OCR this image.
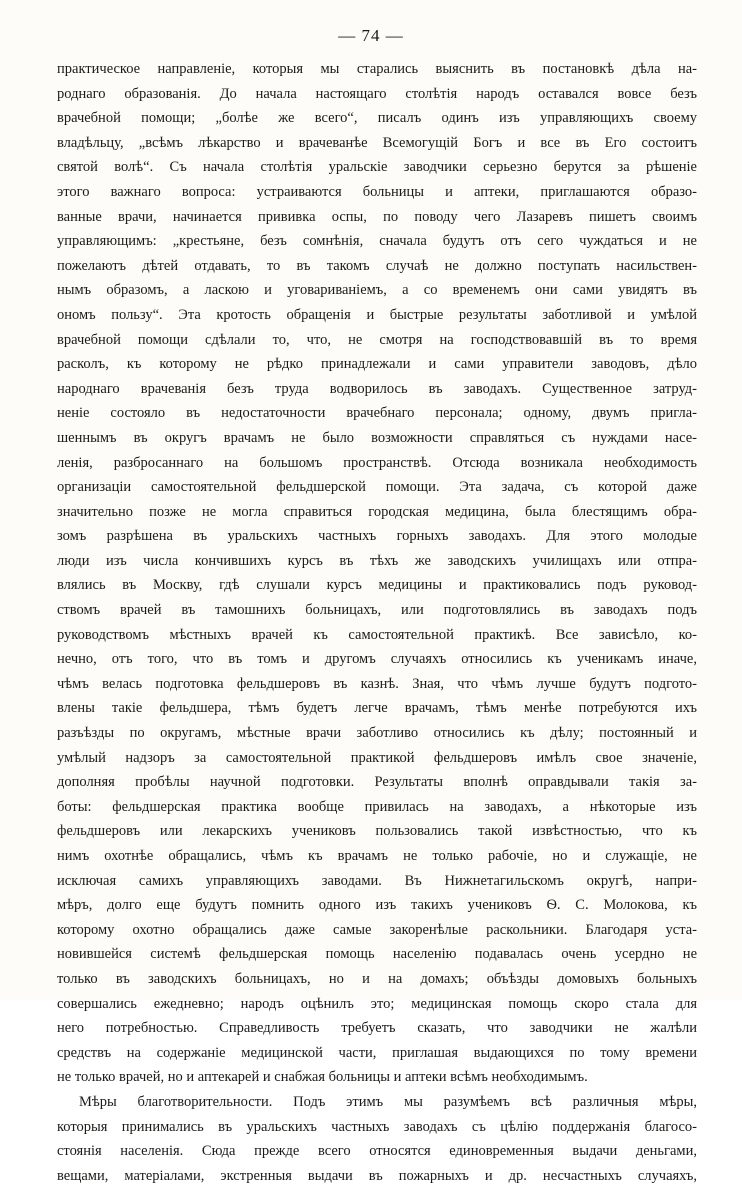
— 74 —
практическое направленіе, которыя мы старались выяснить въ постановкѣ дѣла на-
роднаго образованія. До начала настоящаго столѣтія народъ оставался вовсе безъ
врачебной помощи; „болѣе же всего“, писалъ одинъ изъ управляющихъ своему
владѣльцу, „всѣмъ лѣкарство и врачеванѣе Всемогущій Богъ и все въ Его состоитъ
святой волѣ“. Съ начала столѣтія уральскіе заводчики серьезно берутся за рѣшеніе
этого важнаго вопроса: устраиваются больницы и аптеки, приглашаются образо-
ванные врачи, начинается прививка оспы, по поводу чего Лазаревъ пишетъ своимъ
управляющимъ: „крестьяне, безъ сомнѣнія, сначала будутъ отъ сего чуждаться и не
пожелаютъ дѣтей отдавать, то въ такомъ случаѣ не должно поступать насильствен-
нымъ образомъ, а ласкою и уговариваніемъ, а со временемъ они сами увидятъ въ
ономъ пользу“. Эта кротость обращенія и быстрые результаты заботливой и умѣлой
врачебной помощи сдѣлали то, что, не смотря на господствовавшій въ то время
расколъ, къ которому не рѣдко принадлежали и сами управители заводовъ, дѣло
народнаго врачеванія безъ труда водворилось въ заводахъ. Существенное затруд-
неніе состояло въ недостаточности врачебнаго персонала; одному, двумъ пригла-
шеннымъ въ округъ врачамъ не было возможности справляться съ нуждами насе-
ленія, разбросаннаго на большомъ пространствѣ. Отсюда возникала необходимость
организаціи самостоятельной фельдшерской помощи. Эта задача, съ которой даже
значительно позже не могла справиться городская медицина, была блестящимъ обра-
зомъ разрѣшена въ уральскихъ частныхъ горныхъ заводахъ. Для этого молодые
люди изъ числа кончившихъ курсъ въ тѣхъ же заводскихъ училищахъ или отпра-
влялись въ Москву, гдѣ слушали курсъ медицины и практиковались подъ руковод-
ствомъ врачей въ тамошнихъ больницахъ, или подготовлялись въ заводахъ подъ
руководствомъ мѣстныхъ врачей къ самостоятельной практикѣ. Все зависѣло, ко-
нечно, отъ того, что въ томъ и другомъ случаяхъ относились къ ученикамъ иначе,
чѣмъ велась подготовка фельдшеровъ въ казнѣ. Зная, что чѣмъ лучше будутъ подгото-
влены такіе фельдшера, тѣмъ будетъ легче врачамъ, тѣмъ менѣе потребуются ихъ
разъѣзды по округамъ, мѣстные врачи заботливо относились къ дѣлу; постоянный и
умѣлый надзоръ за самостоятельной практикой фельдшеровъ имѣлъ свое значеніе,
дополняя пробѣлы научной подготовки. Результаты вполнѣ оправдывали такія за-
боты: фельдшерская практика вообще привилась на заводахъ, а нѣкоторые изъ
фельдшеровъ или лекарскихъ учениковъ пользовались такой извѣстностью, что къ
нимъ охотнѣе обращались, чѣмъ къ врачамъ не только рабочіе, но и служащіе, не
исключая самихъ управляющихъ заводами. Въ Нижнетагильскомъ округѣ, напри-
мѣръ, долго еще будутъ помнить одного изъ такихъ учениковъ Ѳ. С. Молокова, къ
которому охотно обращались даже самые закоренѣлые раскольники. Благодаря уста-
новившейся системѣ фельдшерская помощь населенію подавалась очень усердно не
только въ заводскихъ больницахъ, но и на домахъ; объѣзды домовыхъ больныхъ
совершались ежедневно; народъ оцѣнилъ это; медицинская помощь скоро стала для
него потребностью. Справедливость требуетъ сказать, что заводчики не жалѣли
средствъ на содержаніе медицинской части, приглашая выдающихся по тому времени
не только врачей, но и аптекарей и снабжая больницы и аптеки всѣмъ необходимымъ.
Мѣры благотворительности. Подъ этимъ мы разумѣемъ всѣ различныя мѣры,
которыя принимались въ уральскихъ частныхъ заводахъ съ цѣлію поддержанія благосо-
стоянія населенія. Сюда прежде всего относятся единовременныя выдачи деньгами,
вещами, матеріалами, экстренныя выдачи въ пожарныхъ и др. несчастныхъ случаяхъ,
